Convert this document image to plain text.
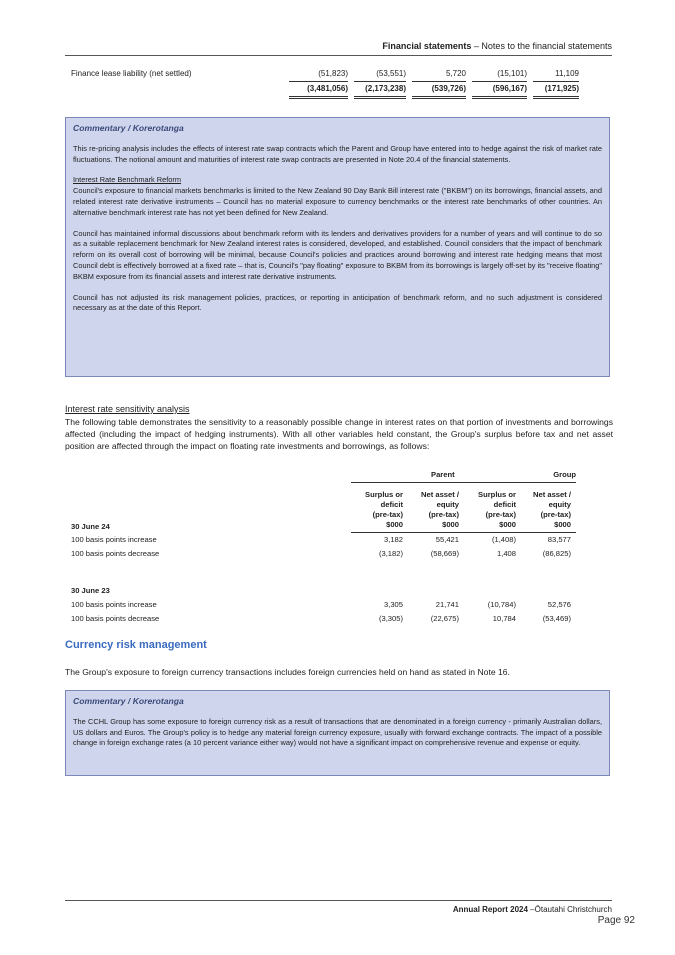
Financial statements – Notes to the financial statements
Finance lease liability (net settled)	(51,823)	(53,551)	5,720	(15,101)	11,109
(3,481,056)	(2,173,238)	(539,726)	(596,167)	(171,925)
Commentary / Korerotanga

This re-pricing analysis includes the effects of interest rate swap contracts which the Parent and Group have entered into to hedge against the risk of market rate fluctuations. The notional amount and maturities of interest rate swap contracts are presented in Note 20.4 of the financial statements.

Interest Rate Benchmark Reform

Council's exposure to financial markets benchmarks is limited to the New Zealand 90 Day Bank Bill interest rate ("BKBM") on its borrowings, financial assets, and related interest rate derivative instruments – Council has no material exposure to currency benchmarks or the interest rate benchmarks of other countries. An alternative benchmark interest rate has not yet been defined for New Zealand.

Council has maintained informal discussions about benchmark reform with its lenders and derivatives providers for a number of years and will continue to do so as a suitable replacement benchmark for New Zealand interest rates is considered, developed, and established. Council considers that the impact of benchmark reform on its overall cost of borrowing will be minimal, because Council's policies and practices around borrowing and interest rate hedging means that most Council debt is effectively borrowed at a fixed rate – that is, Council's "pay floating" exposure to BKBM from its borrowings is largely off-set by its "receive floating" BKBM exposure from its financial assets and interest rate derivative instruments.

Council has not adjusted its risk management policies, practices, or reporting in anticipation of benchmark reform, and no such adjustment is considered necessary as at the date of this Report.

Interest rate sensitivity analysis
The following table demonstrates the sensitivity to a reasonably possible change in interest rates on that portion of investments and borrowings affected (including the impact of hedging instruments). With all other variables held constant, the Group's surplus before tax and net asset position are affected through the impact on floating rate investments and borrowings, as follows:
Parent	Group
Surplus or
deficit
(pre-tax)
$000
Net asset /
equity
(pre-tax)
$000
Surplus or
deficit
(pre-tax)
$000
Net asset /
equity
(pre-tax)
$000
30 June 24
100 basis points increase	3,182	55,421	(1,408)	83,577
100 basis points decrease	(3,182)	(58,669)	1,408	(86,825)
30 June 23
100 basis points increase	3,305	21,741	(10,784)	52,576
100 basis points decrease	(3,305)	(22,675)	10,784	(53,469)
Currency risk management
The Group's exposure to foreign currency transactions includes foreign currencies held on hand as stated in Note 16.
Commentary / Korerotanga

The CCHL Group has some exposure to foreign currency risk as a result of transactions that are denominated in a foreign currency - primarily Australian dollars, US dollars and Euros. The Group's policy is to hedge any material foreign currency exposure, usually with forward exchange contracts. The impact of a possible change in foreign exchange rates (a 10 percent variance either way) would not have a significant impact on comprehensive revenue and expense or equity.

Annual Report 2024 –Ōtautahi Christchurch
Page 92
